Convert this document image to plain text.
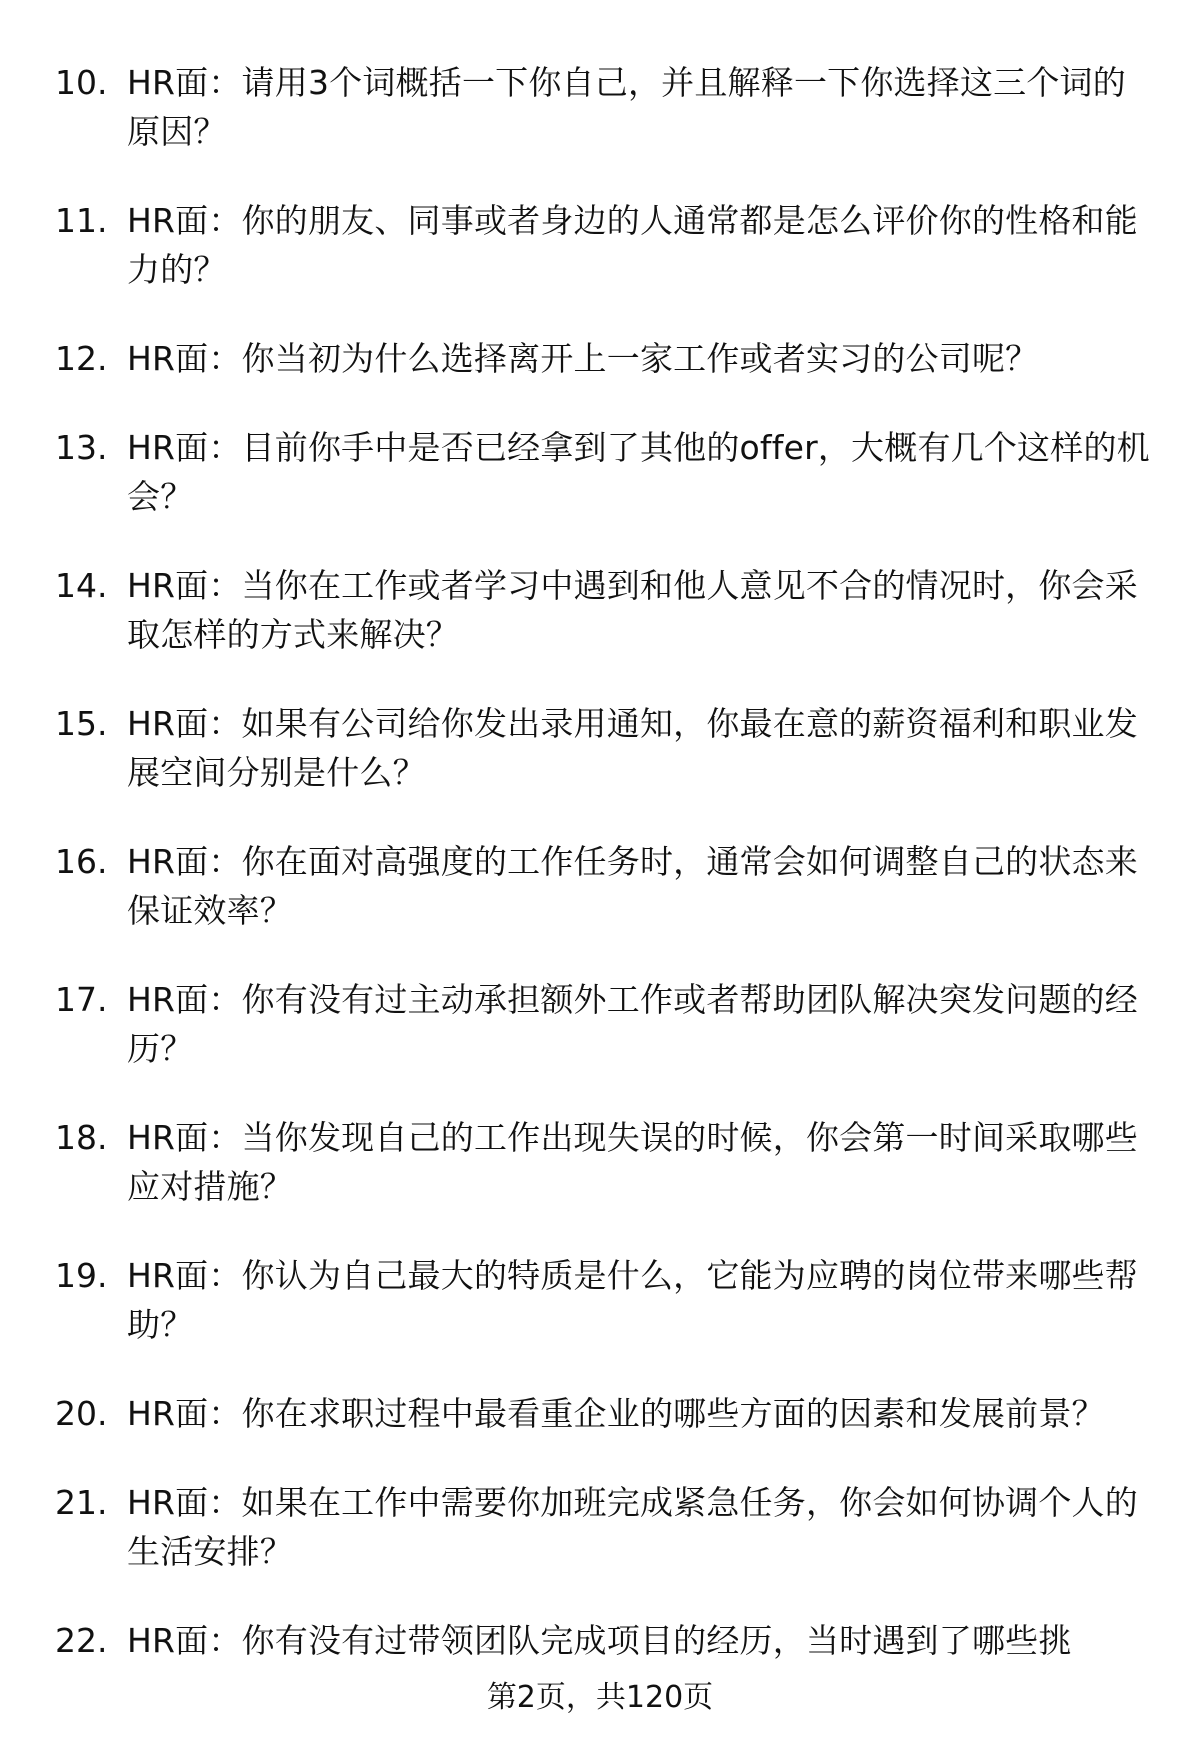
10. HR面：请用3个词概括一下你自己，并且解释一下你选择这三个词的原因？
11. HR面：你的朋友、同事或者身边的人通常都是怎么评价你的性格和能力的？
12. HR面：你当初为什么选择离开上一家工作或者实习的公司呢？
13. HR面：目前你手中是否已经拿到了其他的offer，大概有几个这样的机会？
14. HR面：当你在工作或者学习中遇到和他人意见不合的情况时，你会采取怎样的方式来解决？
15. HR面：如果有公司给你发出录用通知，你最在意的薪资福利和职业发展空间分别是什么？
16. HR面：你在面对高强度的工作任务时，通常会如何调整自己的状态来保证效率？
17. HR面：你有没有过主动承担额外工作或者帮助团队解决突发问题的经历？
18. HR面：当你发现自己的工作出现失误的时候，你会第一时间采取哪些应对措施？
19. HR面：你认为自己最大的特质是什么，它能为应聘的岗位带来哪些帮助？
20. HR面：你在求职过程中最看重企业的哪些方面的因素和发展前景？
21. HR面：如果在工作中需要你加班完成紧急任务，你会如何协调个人的生活安排？
22. HR面：你有没有过带领团队完成项目的经历，当时遇到了哪些挑
第2页，共120页
